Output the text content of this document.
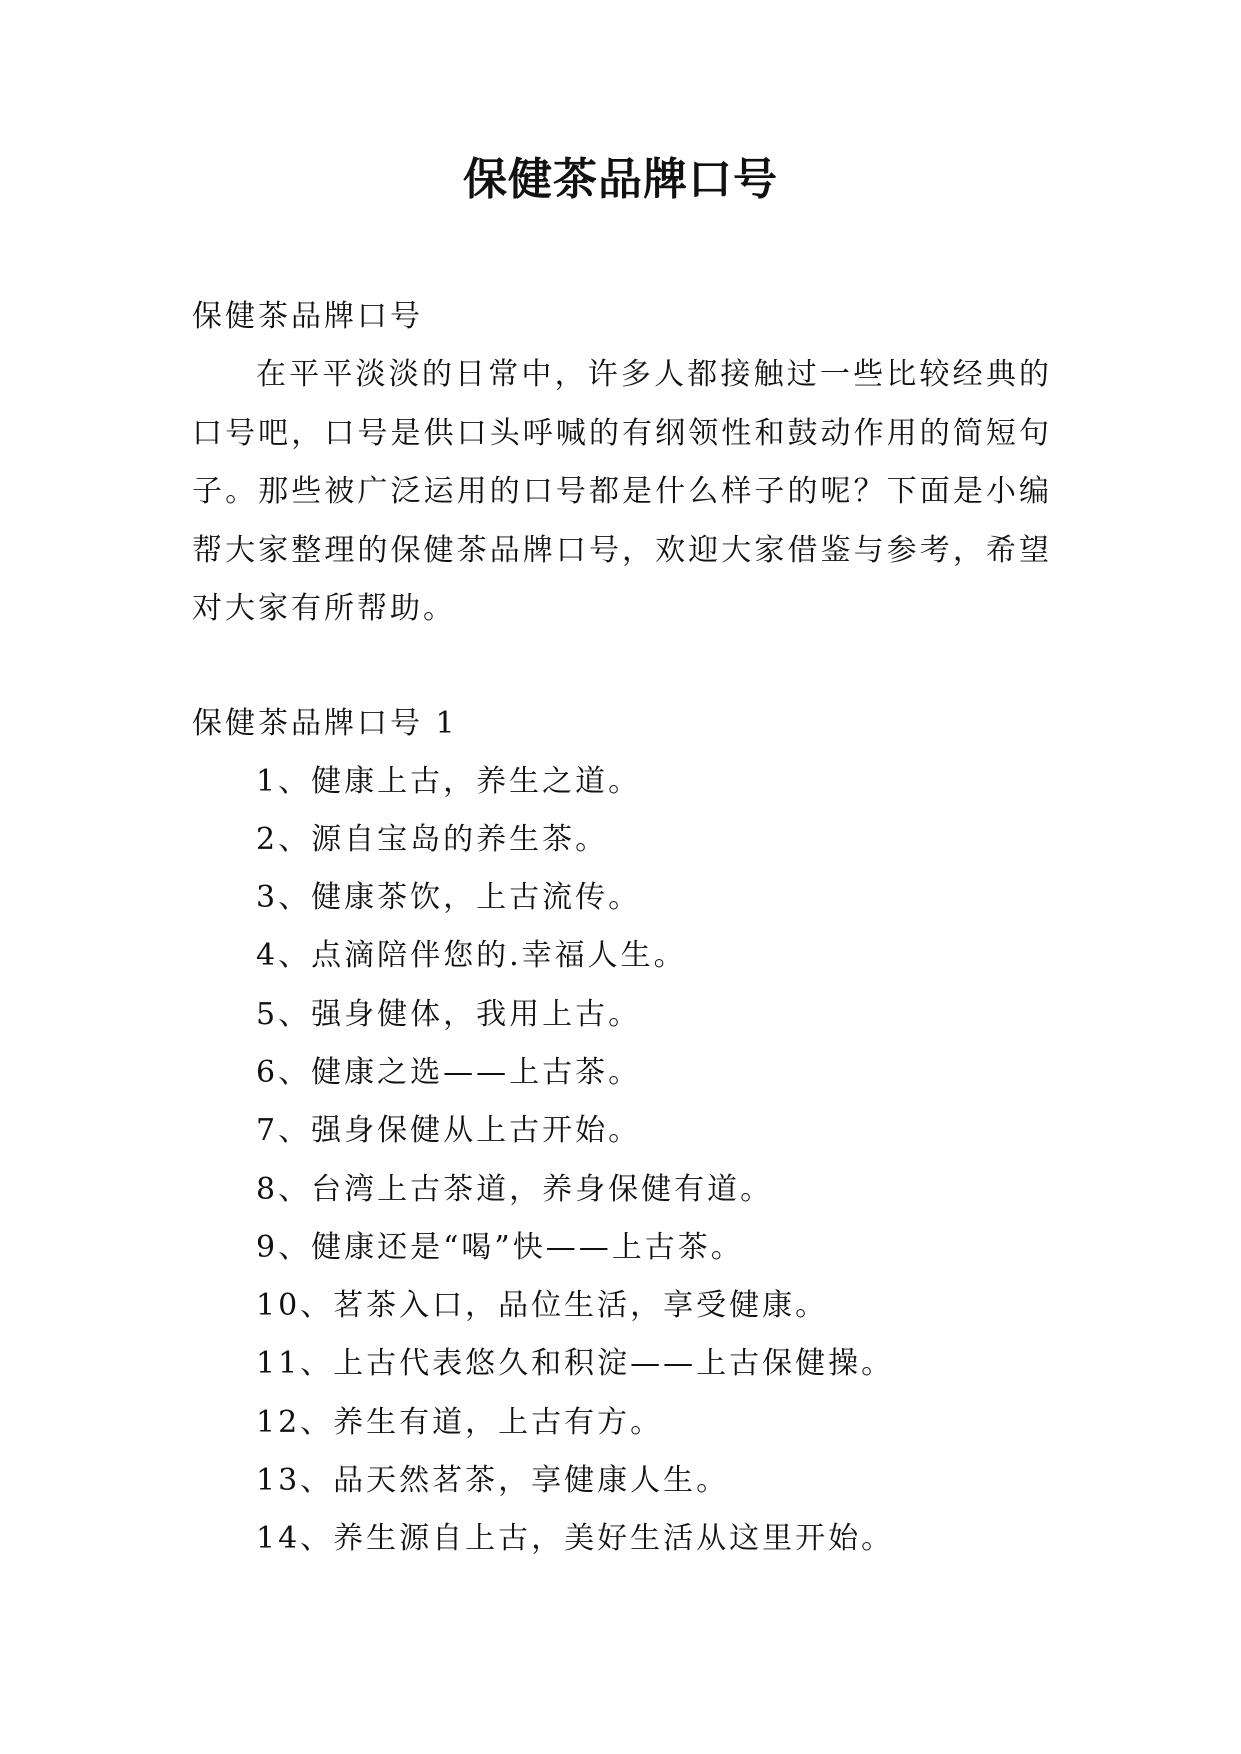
保健茶品牌口号

保健茶品牌口号

在平平淡淡的日常中，许多人都接触过一些比较经典的口号吧，口号是供口头呼喊的有纲领性和鼓动作用的简短句子。那些被广泛运用的口号都是什么样子的呢？下面是小编帮大家整理的保健茶品牌口号，欢迎大家借鉴与参考，希望对大家有所帮助。

保健茶品牌口号 1

1、健康上古，养生之道。
2、源自宝岛的养生茶。
3、健康茶饮，上古流传。
4、点滴陪伴您的.幸福人生。
5、强身健体，我用上古。
6、健康之选——上古茶。
7、强身保健从上古开始。
8、台湾上古茶道，养身保健有道。
9、健康还是“喝”快——上古茶。
10、茗茶入口，品位生活，享受健康。
11、上古代表悠久和积淀——上古保健操。
12、养生有道，上古有方。
13、品天然茗茶，享健康人生。
14、养生源自上古，美好生活从这里开始。
